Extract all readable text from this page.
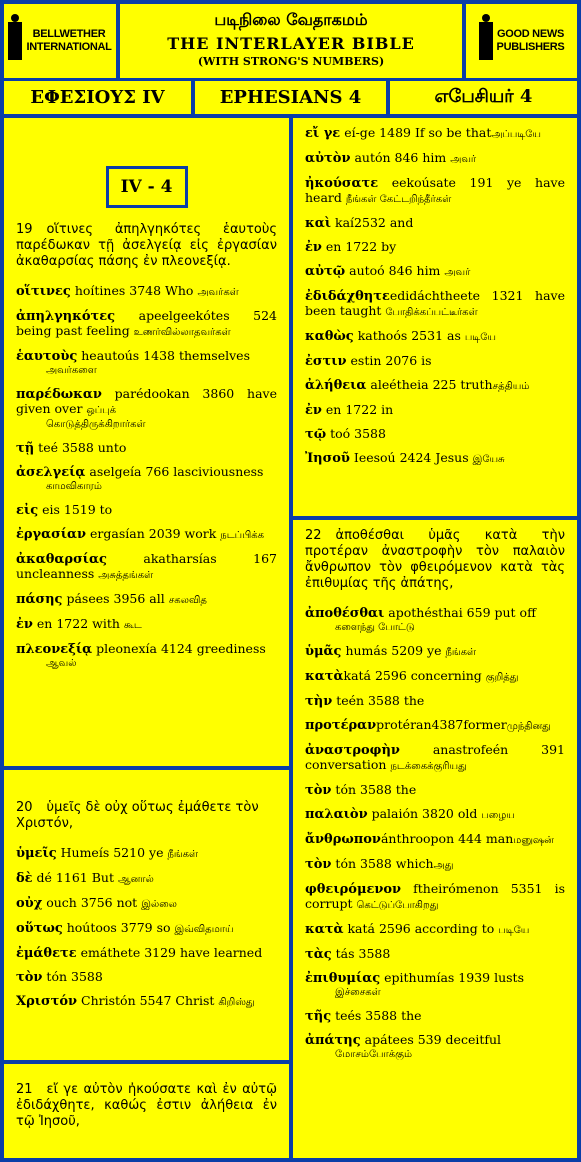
BELLWETHER
INTERNATIONAL
படிநிலை வேதாகமம்
THE INTERLAYER BIBLE
(WITH STRONG'S NUMBERS)
GOOD NEWS
PUBLISHERS
ΕΦΕΣΙΟΥΣ IV	EPHESIANS 4	எபேசியர் 4
IV - 4
19 οἵτινες ἀπηλγηκότες ἑαυτοὺς παρέδωκαν τῇ ἀσελγείᾳ εἰς ἐργασίαν ἀκαθαρσίας πάσης ἐν πλεονεξίᾳ.
οἵτινες hoítines 3748 Who அவர்கள்
ἀπηλγηκότες apeelgeekótes 524 being past feeling உணர்வில்லாதவர்கள்
ἑαυτοὺς heautoús 1438 themselves
அவர்களை
παρέδωκαν parédookan 3860 have given over ஒப்புக்
கொடுத்திருக்கிறார்கள்
τῇ teé 3588 unto
ἀσελγείᾳ aselgeía 766 lasciviousness
காமவிகாரம்
εἰς eis 1519 to
ἐργασίαν ergasían 2039 work நடப்பிக்க
ἀκαθαρσίας akatharsías 167 uncleanness அசுத்தங்கள்
πάσης pásees 3956 all சகலவித
ἐν en 1722 with கூட
πλεονεξίᾳ pleonexía 4124 greediness
ஆவல்
20 ὑμεῖς δὲ οὐχ οὕτως ἐμάθετε τὸν Χριστόν,
ὑμεῖς Humeís 5210 ye நீங்கள்
δὲ dé 1161 But ஆனால்
οὐχ ouch 3756 not இல்லை
οὕτως hoútoos 3779 so இவ்விதமாய்
ἐμάθετε emáthete 3129 have learned
τὸν tón 3588
Χριστόν Christón 5547 Christ கிறிஸ்து
21 εἴ γε αὐτὸν ἠκούσατε καὶ ἐν αὐτῷ ἐδιδάχθητε, καθώς ἐστιν ἀλήθεια ἐν τῷ Ἰησοῦ,
εἴ γε eí-ge 1489 If so be thatஅப்படியே
αὐτὸν autón 846 him அவர்
ἠκούσατε eekoúsate 191 ye have heard நீங்கள் கேட்டறிந்தீர்கள்
καὶ kaí2532 and
ἐν en 1722 by
αὐτῷ autoó 846 him அவர்
ἐδιδάχθητεedidáchtheete 1321 have been taught போதிக்கப்பட்டீர்கள்
καθὼς kathoós 2531 as படியே
ἐστιν estin 2076 is
ἀλήθεια aleétheia 225 truthசத்தியம்
ἐν en 1722 in
τῷ toó 3588
Ἰησοῦ Ieesoú 2424 Jesus இயேசு
22 ἀποθέσθαι ὑμᾶς κατὰ τὴν προτέραν ἀναστροφὴν τὸν παλαιὸν ἄνθρωπον τὸν φθειρόμενον κατὰ τὰς ἐπιθυμίας τῆς ἀπάτης,
ἀποθέσθαι apothésthai 659 put off
களைந்து போட்டு
ὑμᾶς humás 5209 ye நீங்கள்
κατὰkatá 2596 concerning குறித்து
τὴν teén 3588 the
προτέρανprotéran4387formerமுந்தினது
ἀναστροφὴν anastrofeén 391 conversation நடக்கைக்குரியது
τὸν tón 3588 the
παλαιὸν palaión 3820 old பழைய
ἄνθρωπονánthroopon 444 manமனுஷன்
τὸν tón 3588 whichஅது
φθειρόμενον ftheirómenon 5351 is corrupt கெட்டுப்போகிறது
κατὰ katá 2596 according to படியே
τὰς tás 3588
ἐπιθυμίας epithumías 1939 lusts
இச்சைகள்
τῆς teés 3588 the
ἀπάτης apátees 539 deceitful
மோசம்போக்கும்
